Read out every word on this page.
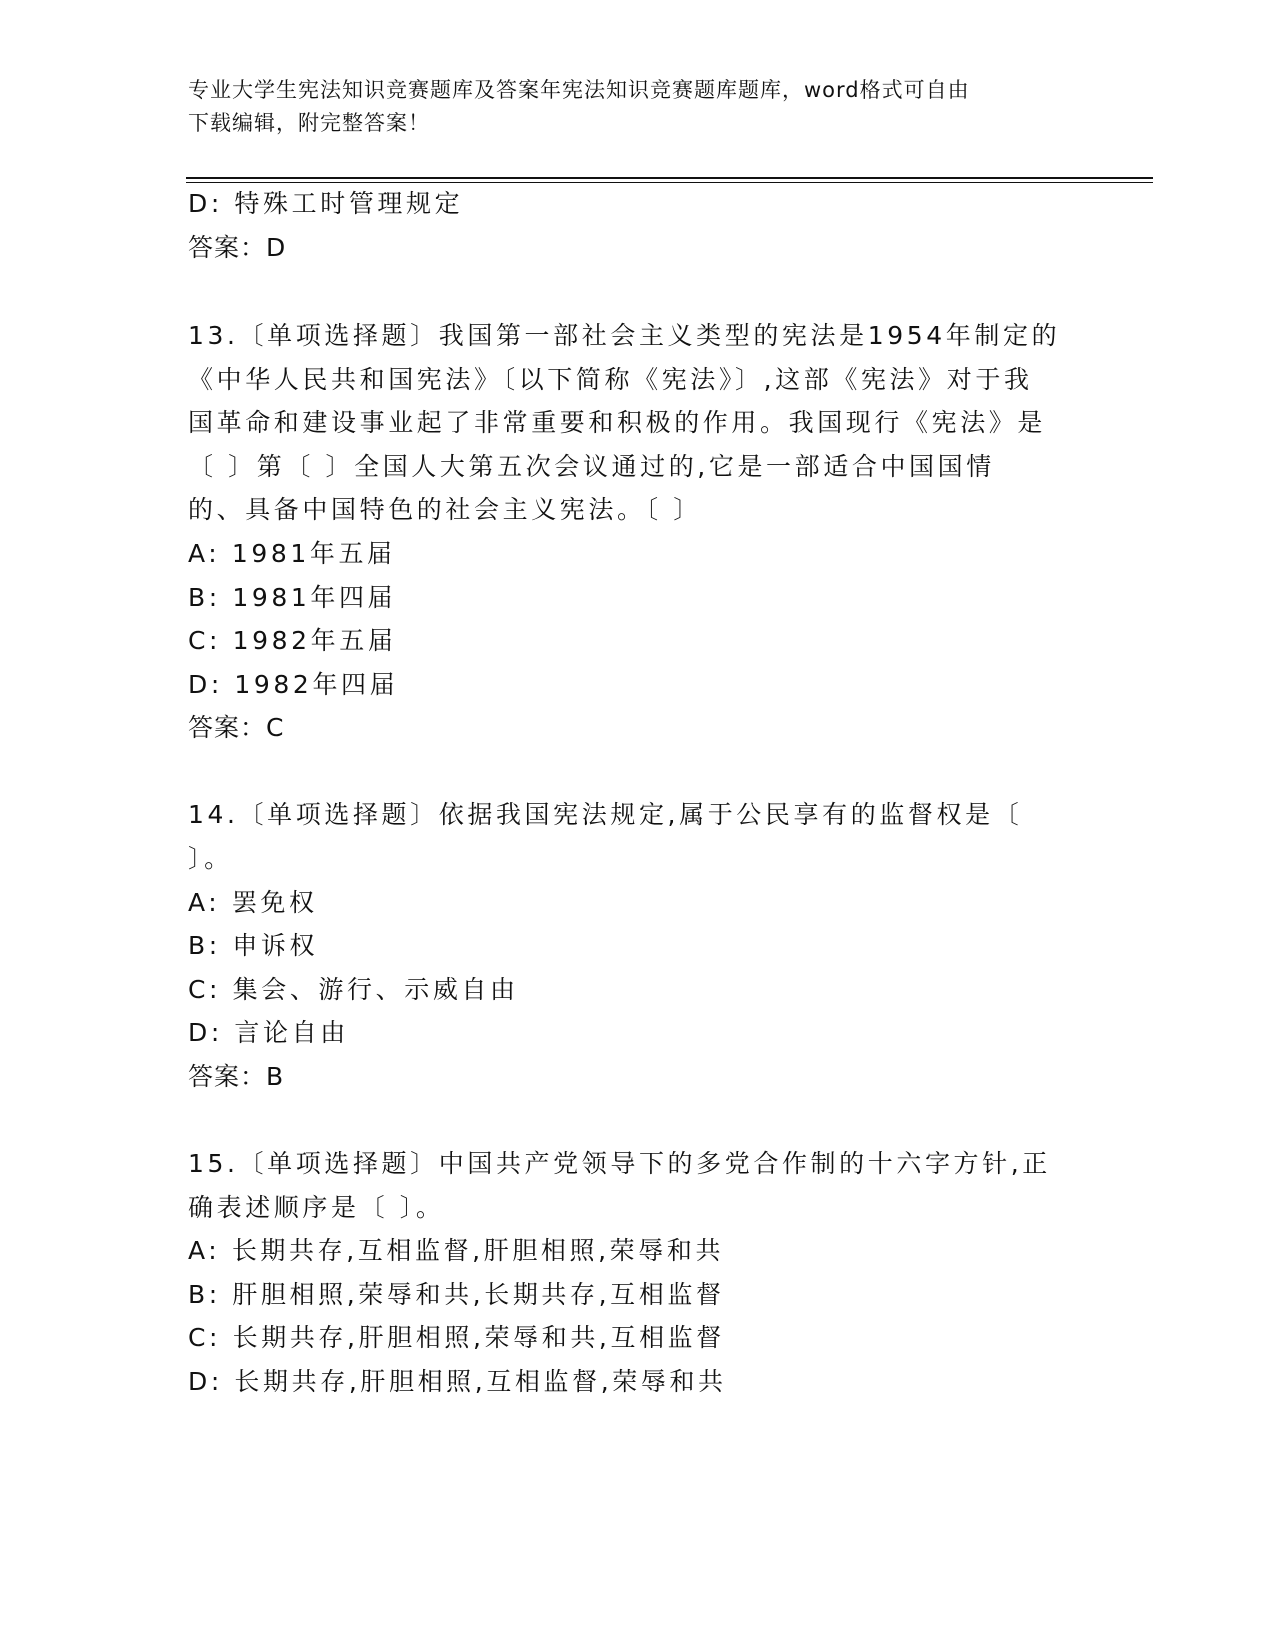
专业大学生宪法知识竞赛题库及答案年宪法知识竞赛题库题库，word格式可自由
下载编辑，附完整答案！
D: 特殊工时管理规定
答案：D
13.〔单项选择题〕我国第一部社会主义类型的宪法是1954年制定的
《中华人民共和国宪法》〔以下简称《宪法》〕,这部《宪法》对于我
国革命和建设事业起了非常重要和积极的作用。我国现行《宪法》是
〔 〕第〔 〕全国人大第五次会议通过的,它是一部适合中国国情
的、具备中国特色的社会主义宪法。〔 〕
A: 1981年五届
B: 1981年四届
C: 1982年五届
D: 1982年四届
答案：C
14.〔单项选择题〕依据我国宪法规定,属于公民享有的监督权是〔
〕。
A: 罢免权
B: 申诉权
C: 集会、游行、示威自由
D: 言论自由
答案：B
15.〔单项选择题〕中国共产党领导下的多党合作制的十六字方针,正
确表述顺序是〔 〕。
A: 长期共存,互相监督,肝胆相照,荣辱和共
B: 肝胆相照,荣辱和共,长期共存,互相监督
C: 长期共存,肝胆相照,荣辱和共,互相监督
D: 长期共存,肝胆相照,互相监督,荣辱和共
